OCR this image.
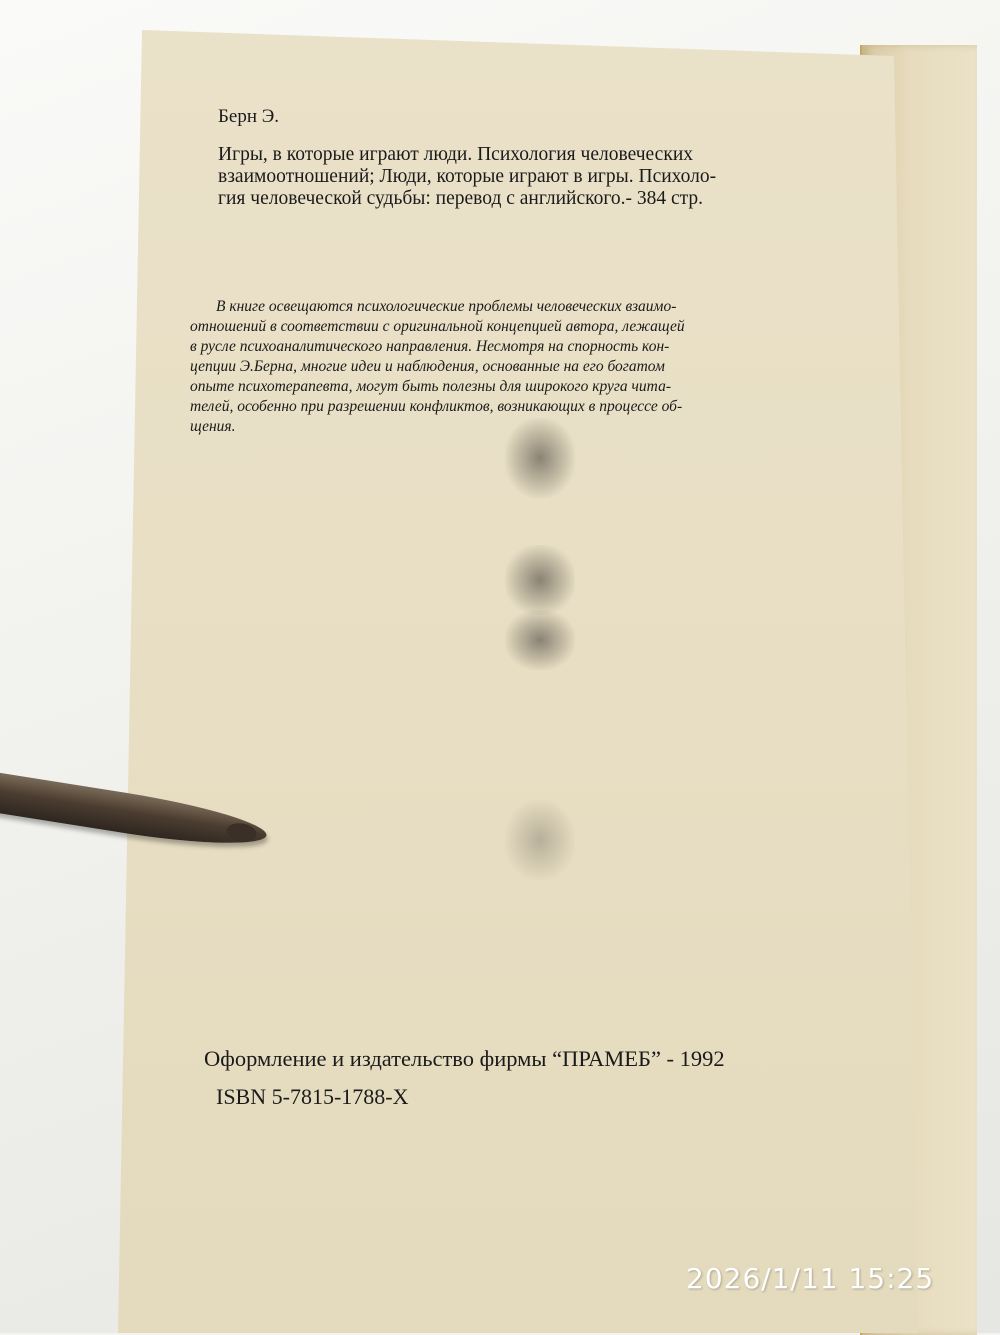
Берн Э.
Игры, в которые играют люди. Психология человеческих
взаимоотношений; Люди, которые играют в игры. Психоло-
гия человеческой судьбы: перевод с английского.- 384 стр.
В книге освещаются психологические проблемы человеческих взаимо-
отношений в соответствии с оригинальной концепцией автора, лежащей
в русле психоаналитического направления. Несмотря на спорность кон-
цепции Э.Берна, многие идеи и наблюдения, основанные на его богатом
опыте психотерапевта, могут быть полезны для широкого круга чита-
телей, особенно при разрешении конфликтов, возникающих в процессе об-
щения.
Оформление и издательство фирмы “ПРАМЕБ” - 1992
ISBN 5-7815-1788-X
2026/1/11 15:25
